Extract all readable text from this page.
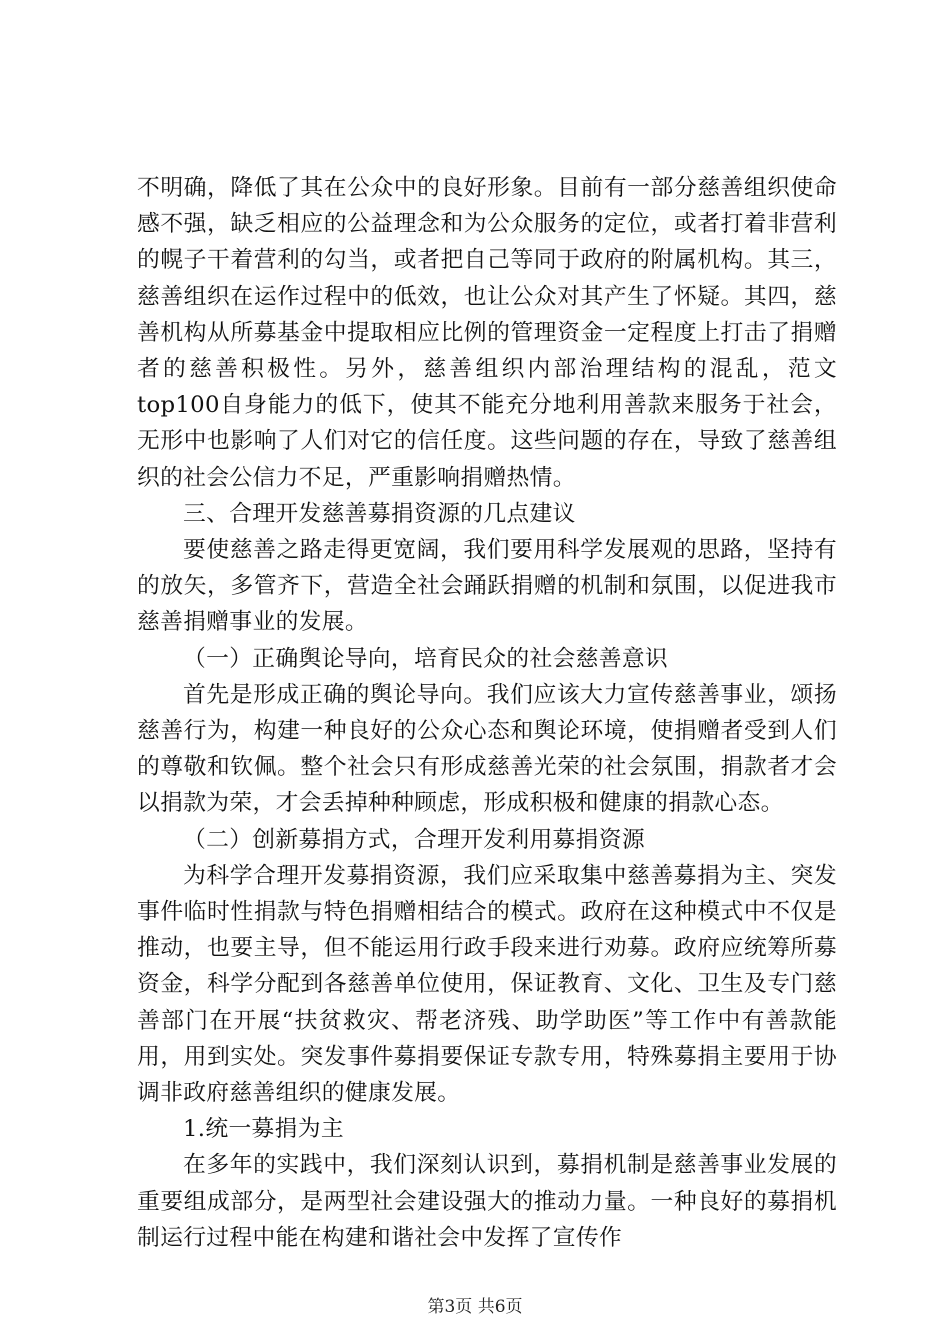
不明确，降低了其在公众中的良好形象。目前有一部分慈善组织使命感不强，缺乏相应的公益理念和为公众服务的定位，或者打着非营利的幌子干着营利的勾当，或者把自己等同于政府的附属机构。其三，慈善组织在运作过程中的低效，也让公众对其产生了怀疑。其四，慈善机构从所募基金中提取相应比例的管理资金一定程度上打击了捐赠者的慈善积极性。另外，慈善组织内部治理结构的混乱，范文top100自身能力的低下，使其不能充分地利用善款来服务于社会，无形中也影响了人们对它的信任度。这些问题的存在，导致了慈善组织的社会公信力不足，严重影响捐赠热情。

三、合理开发慈善募捐资源的几点建议

要使慈善之路走得更宽阔，我们要用科学发展观的思路，坚持有的放矢，多管齐下，营造全社会踊跃捐赠的机制和氛围，以促进我市慈善捐赠事业的发展。

（一）正确舆论导向，培育民众的社会慈善意识

首先是形成正确的舆论导向。我们应该大力宣传慈善事业，颂扬慈善行为，构建一种良好的公众心态和舆论环境，使捐赠者受到人们的尊敬和钦佩。整个社会只有形成慈善光荣的社会氛围，捐款者才会以捐款为荣，才会丢掉种种顾虑，形成积极和健康的捐款心态。

（二）创新募捐方式，合理开发利用募捐资源

为科学合理开发募捐资源，我们应采取集中慈善募捐为主、突发事件临时性捐款与特色捐赠相结合的模式。政府在这种模式中不仅是推动，也要主导，但不能运用行政手段来进行劝募。政府应统筹所募资金，科学分配到各慈善单位使用，保证教育、文化、卫生及专门慈善部门在开展“扶贫救灾、帮老济残、助学助医”等工作中有善款能用，用到实处。突发事件募捐要保证专款专用，特殊募捐主要用于协调非政府慈善组织的健康发展。

1.统一募捐为主

在多年的实践中，我们深刻认识到，募捐机制是慈善事业发展的重要组成部分，是两型社会建设强大的推动力量。一种良好的募捐机制运行过程中能在构建和谐社会中发挥了宣传作

第3页 共6页
